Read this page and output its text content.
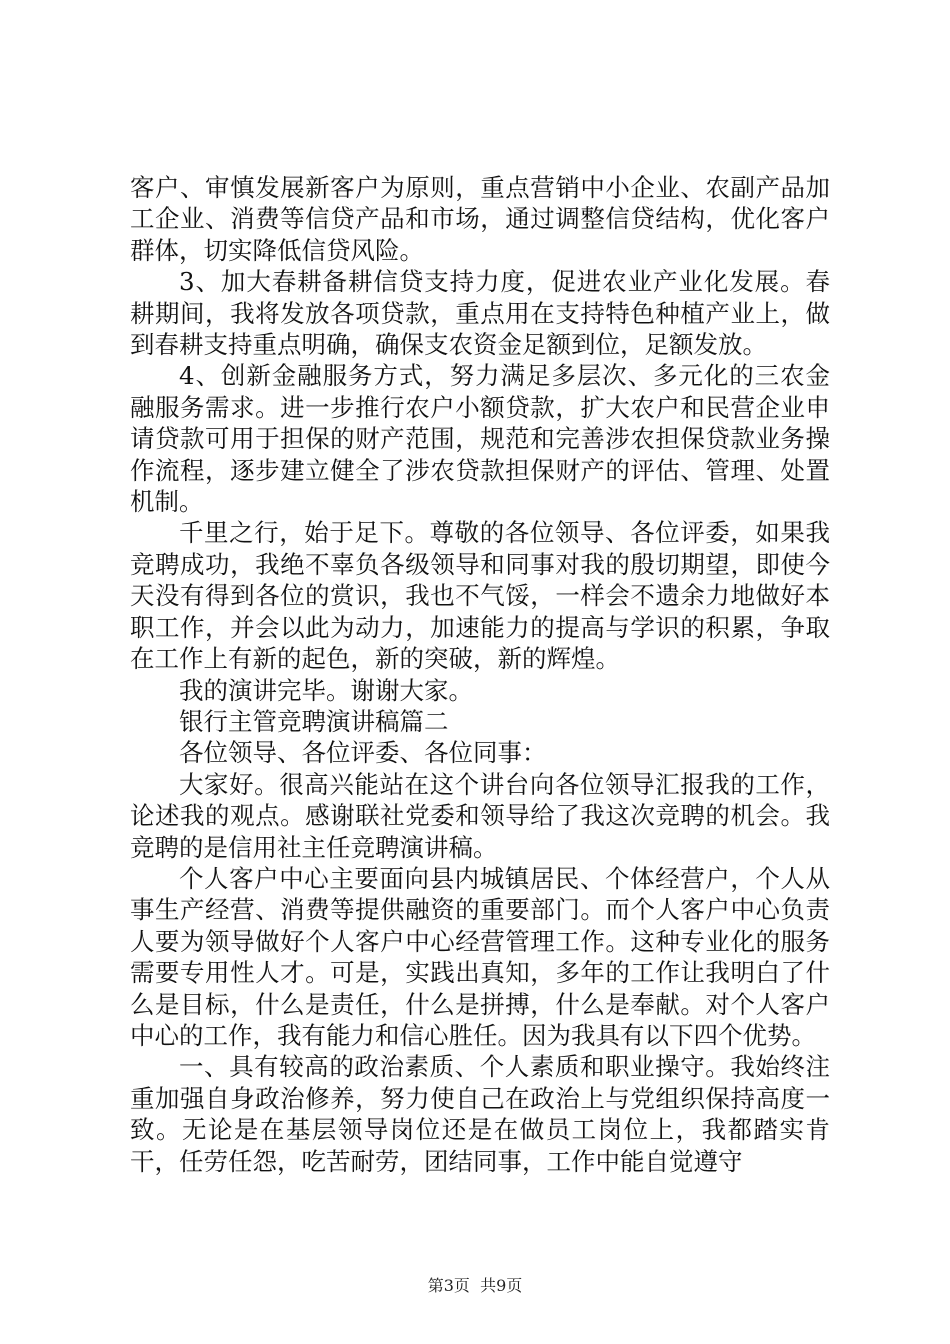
客户、审慎发展新客户为原则，重点营销中小企业、农副产品加工企业、消费等信贷产品和市场，通过调整信贷结构，优化客户群体，切实降低信贷风险。

3、加大春耕备耕信贷支持力度，促进农业产业化发展。春耕期间，我将发放各项贷款，重点用在支持特色种植产业上，做到春耕支持重点明确，确保支农资金足额到位，足额发放。

4、创新金融服务方式，努力满足多层次、多元化的三农金融服务需求。进一步推行农户小额贷款，扩大农户和民营企业申请贷款可用于担保的财产范围，规范和完善涉农担保贷款业务操作流程，逐步建立健全了涉农贷款担保财产的评估、管理、处置机制。

千里之行，始于足下。尊敬的各位领导、各位评委，如果我竞聘成功，我绝不辜负各级领导和同事对我的殷切期望，即使今天没有得到各位的赏识，我也不气馁，一样会不遗余力地做好本职工作，并会以此为动力，加速能力的提高与学识的积累，争取在工作上有新的起色，新的突破，新的辉煌。

我的演讲完毕。谢谢大家。

银行主管竞聘演讲稿篇二

各位领导、各位评委、各位同事：

大家好。很高兴能站在这个讲台向各位领导汇报我的工作，论述我的观点。感谢联社党委和领导给了我这次竞聘的机会。我竞聘的是信用社主任竞聘演讲稿。

个人客户中心主要面向县内城镇居民、个体经营户，个人从事生产经营、消费等提供融资的重要部门。而个人客户中心负责人要为领导做好个人客户中心经营管理工作。这种专业化的服务需要专用性人才。可是，实践出真知，多年的工作让我明白了什么是目标，什么是责任，什么是拼搏，什么是奉献。对个人客户中心的工作，我有能力和信心胜任。因为我具有以下四个优势。

一、具有较高的政治素质、个人素质和职业操守。我始终注重加强自身政治修养，努力使自己在政治上与党组织保持高度一致。无论是在基层领导岗位还是在做员工岗位上，我都踏实肯干，任劳任怨，吃苦耐劳，团结同事，工作中能自觉遵守

第3页  共9页
